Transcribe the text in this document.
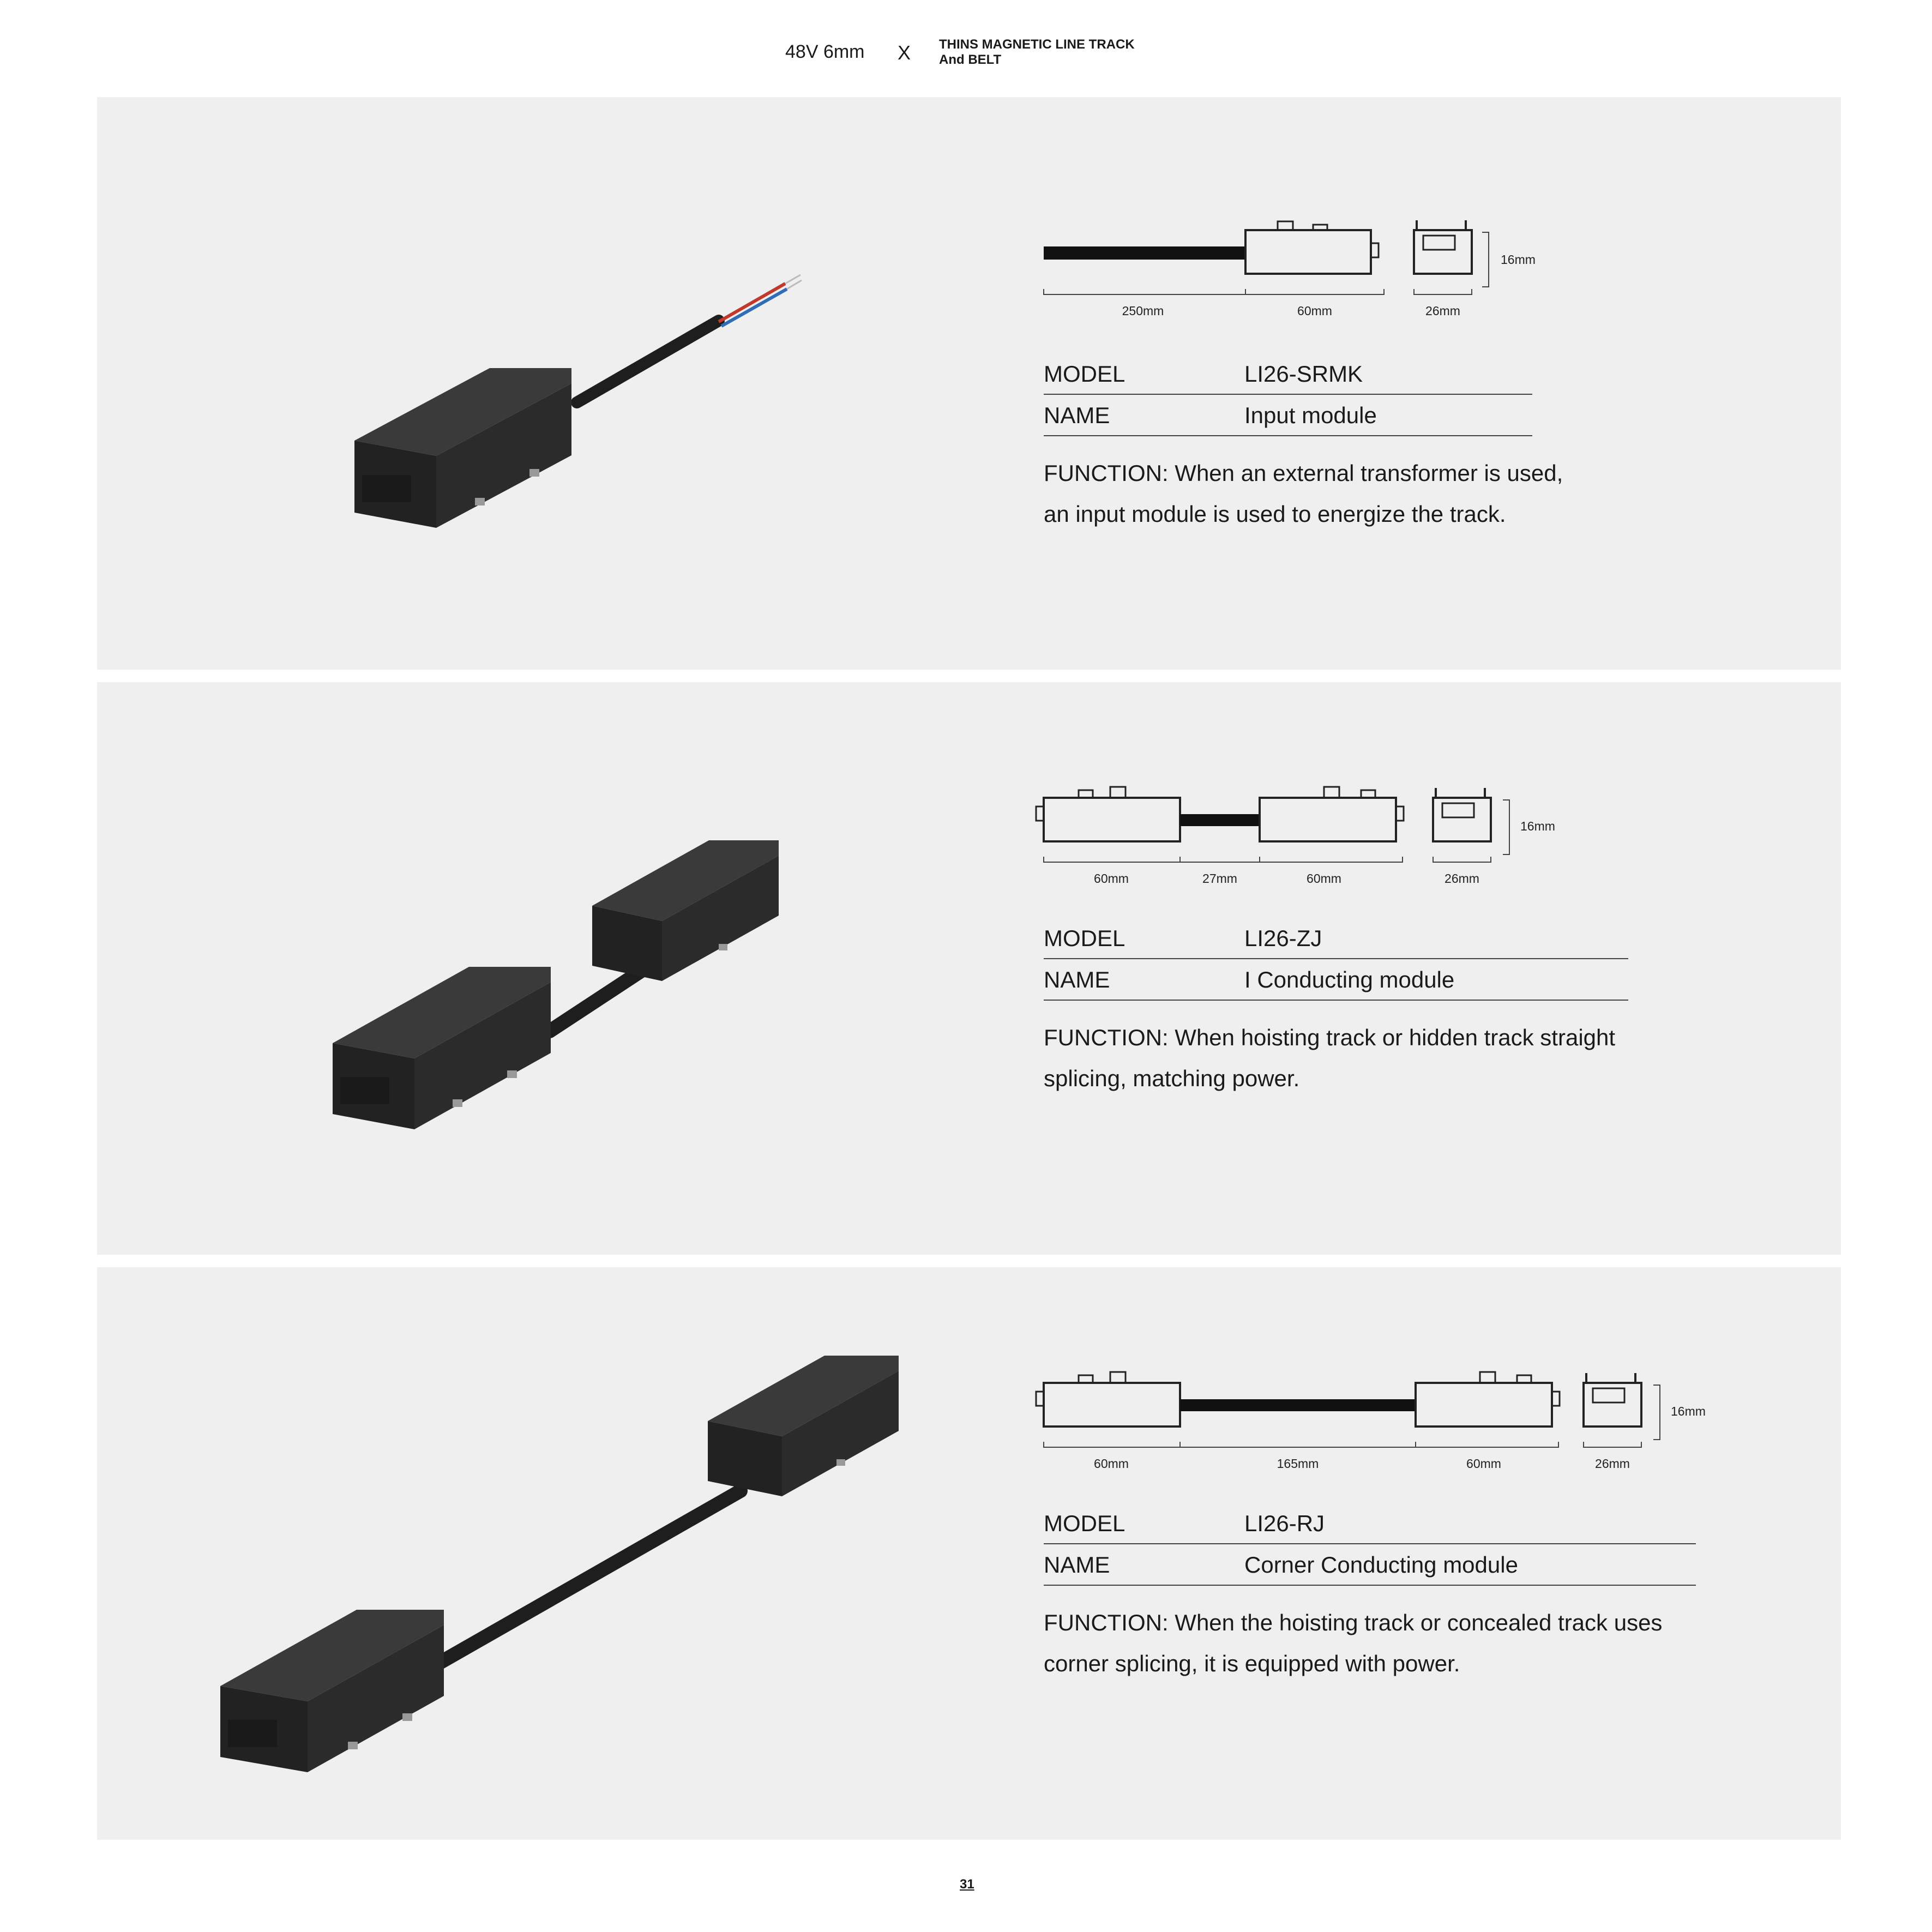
48V 6mm X THINS MAGNETIC LINE TRACK
And BELT
250mm	60mm	26mm
16mm
MODEL	LI26-SRMK
NAME	Input module
FUNCTION: When an external transformer is used,
an input module is used to energize the track.
60mm	27mm	60mm	26mm
16mm
MODEL	LI26-ZJ
NAME	I Conducting module
FUNCTION: When hoisting track or hidden track straight
splicing, matching power.
60mm	165mm	60mm	26mm
16mm
MODEL	LI26-RJ
NAME	Corner Conducting module
FUNCTION: When the hoisting track or concealed track uses
corner splicing, it is equipped with power.
31
